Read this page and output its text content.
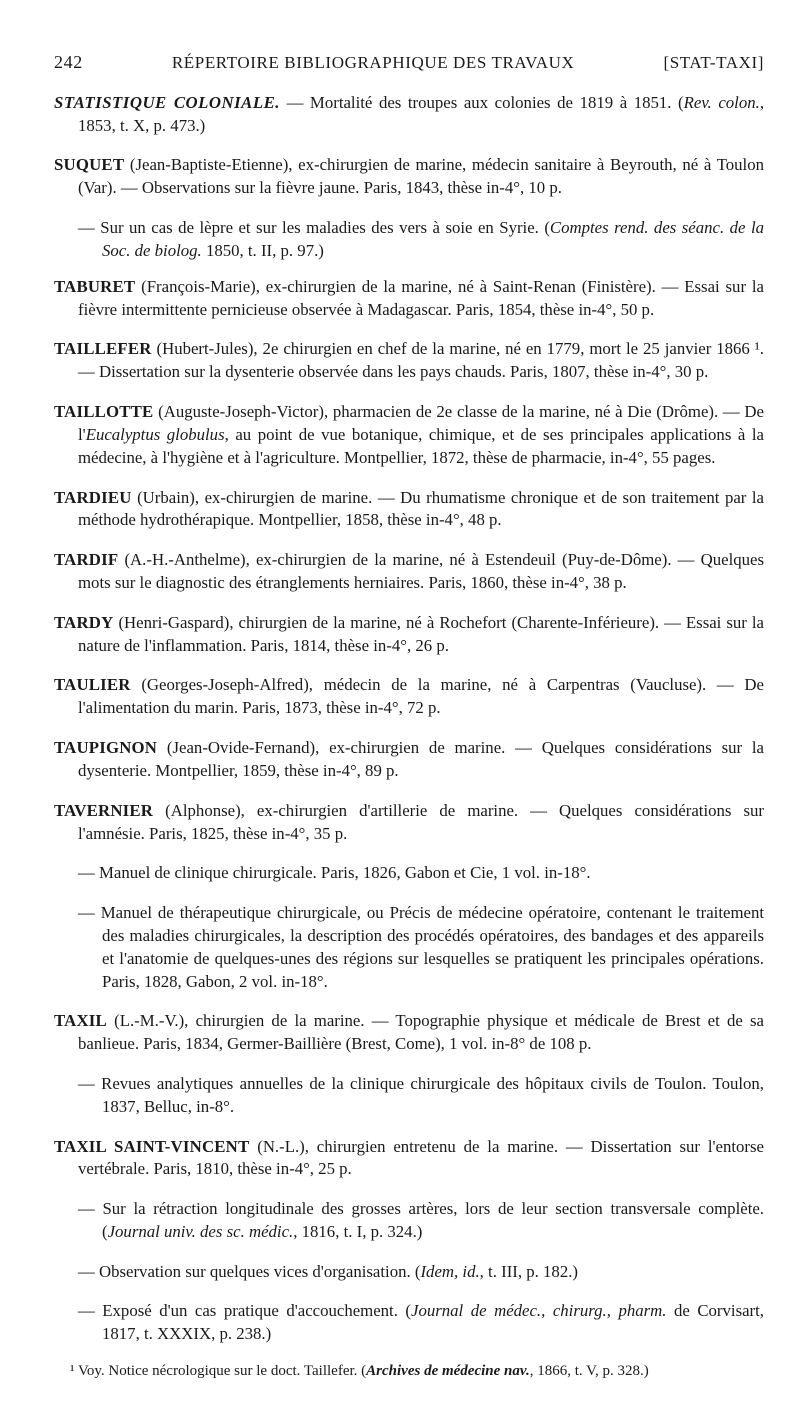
242	RÉPERTOIRE BIBLIOGRAPHIQUE DES TRAVAUX	[STAT-TAXI]

STATISTIQUE COLONIALE. — Mortalité des troupes aux colonies de 1819 à 1851. (Rev. colon., 1853, t. X, p. 473.)

SUQUET (Jean-Baptiste-Etienne), ex-chirurgien de marine, médecin sanitaire à Beyrouth, né à Toulon (Var). — Observations sur la fièvre jaune. Paris, 1843, thèse in-4°, 10 p.

— Sur un cas de lèpre et sur les maladies des vers à soie en Syrie. (Comptes rend. des séanc. de la Soc. de biolog. 1850, t. II, p. 97.)

TABURET (François-Marie), ex-chirurgien de la marine, né à Saint-Renan (Finistère). — Essai sur la fièvre intermittente pernicieuse observée à Madagascar. Paris, 1854, thèse in-4°, 50 p.

TAILLEFER (Hubert-Jules), 2e chirurgien en chef de la marine, né en 1779, mort le 25 janvier 1866 ¹. — Dissertation sur la dysenterie observée dans les pays chauds. Paris, 1807, thèse in-4°, 30 p.

TAILLOTTE (Auguste-Joseph-Victor), pharmacien de 2e classe de la marine, né à Die (Drôme). — De l'Eucalyptus globulus, au point de vue botanique, chimique, et de ses principales applications à la médecine, à l'hygiène et à l'agriculture. Montpellier, 1872, thèse de pharmacie, in-4°, 55 pages.

TARDIEU (Urbain), ex-chirurgien de marine. — Du rhumatisme chronique et de son traitement par la méthode hydrothérapique. Montpellier, 1858, thèse in-4°, 48 p.

TARDIF (A.-H.-Anthelme), ex-chirurgien de la marine, né à Estendeuil (Puy-de-Dôme). — Quelques mots sur le diagnostic des étranglements herniaires. Paris, 1860, thèse in-4°, 38 p.

TARDY (Henri-Gaspard), chirurgien de la marine, né à Rochefort (Charente-Inférieure). — Essai sur la nature de l'inflammation. Paris, 1814, thèse in-4°, 26 p.

TAULIER (Georges-Joseph-Alfred), médecin de la marine, né à Carpentras (Vaucluse). — De l'alimentation du marin. Paris, 1873, thèse in-4°, 72 p.

TAUPIGNON (Jean-Ovide-Fernand), ex-chirurgien de marine. — Quelques considérations sur la dysenterie. Montpellier, 1859, thèse in-4°, 89 p.

TAVERNIER (Alphonse), ex-chirurgien d'artillerie de marine. — Quelques considérations sur l'amnésie. Paris, 1825, thèse in-4°, 35 p.

— Manuel de clinique chirurgicale. Paris, 1826, Gabon et Cie, 1 vol. in-18°.

— Manuel de thérapeutique chirurgicale, ou Précis de médecine opératoire, contenant le traitement des maladies chirurgicales, la description des procédés opératoires, des bandages et des appareils et l'anatomie de quelques-unes des régions sur lesquelles se pratiquent les principales opérations. Paris, 1828, Gabon, 2 vol. in-18°.

TAXIL (L.-M.-V.), chirurgien de la marine. — Topographie physique et médicale de Brest et de sa banlieue. Paris, 1834, Germer-Baillière (Brest, Come), 1 vol. in-8° de 108 p.

— Revues analytiques annuelles de la clinique chirurgicale des hôpitaux civils de Toulon. Toulon, 1837, Belluc, in-8°.

TAXIL SAINT-VINCENT (N.-L.), chirurgien entretenu de la marine. — Dissertation sur l'entorse vertébrale. Paris, 1810, thèse in-4°, 25 p.

— Sur la rétraction longitudinale des grosses artères, lors de leur section transversale complète. (Journal univ. des sc. médic., 1816, t. I, p. 324.)

— Observation sur quelques vices d'organisation. (Idem, id., t. III, p. 182.)

— Exposé d'un cas pratique d'accouchement. (Journal de médec., chirurg., pharm. de Corvisart, 1817, t. XXXIX, p. 238.)

¹ Voy. Notice nécrologique sur le doct. Taillefer. (Archives de médecine nav., 1866, t. V, p. 328.)
